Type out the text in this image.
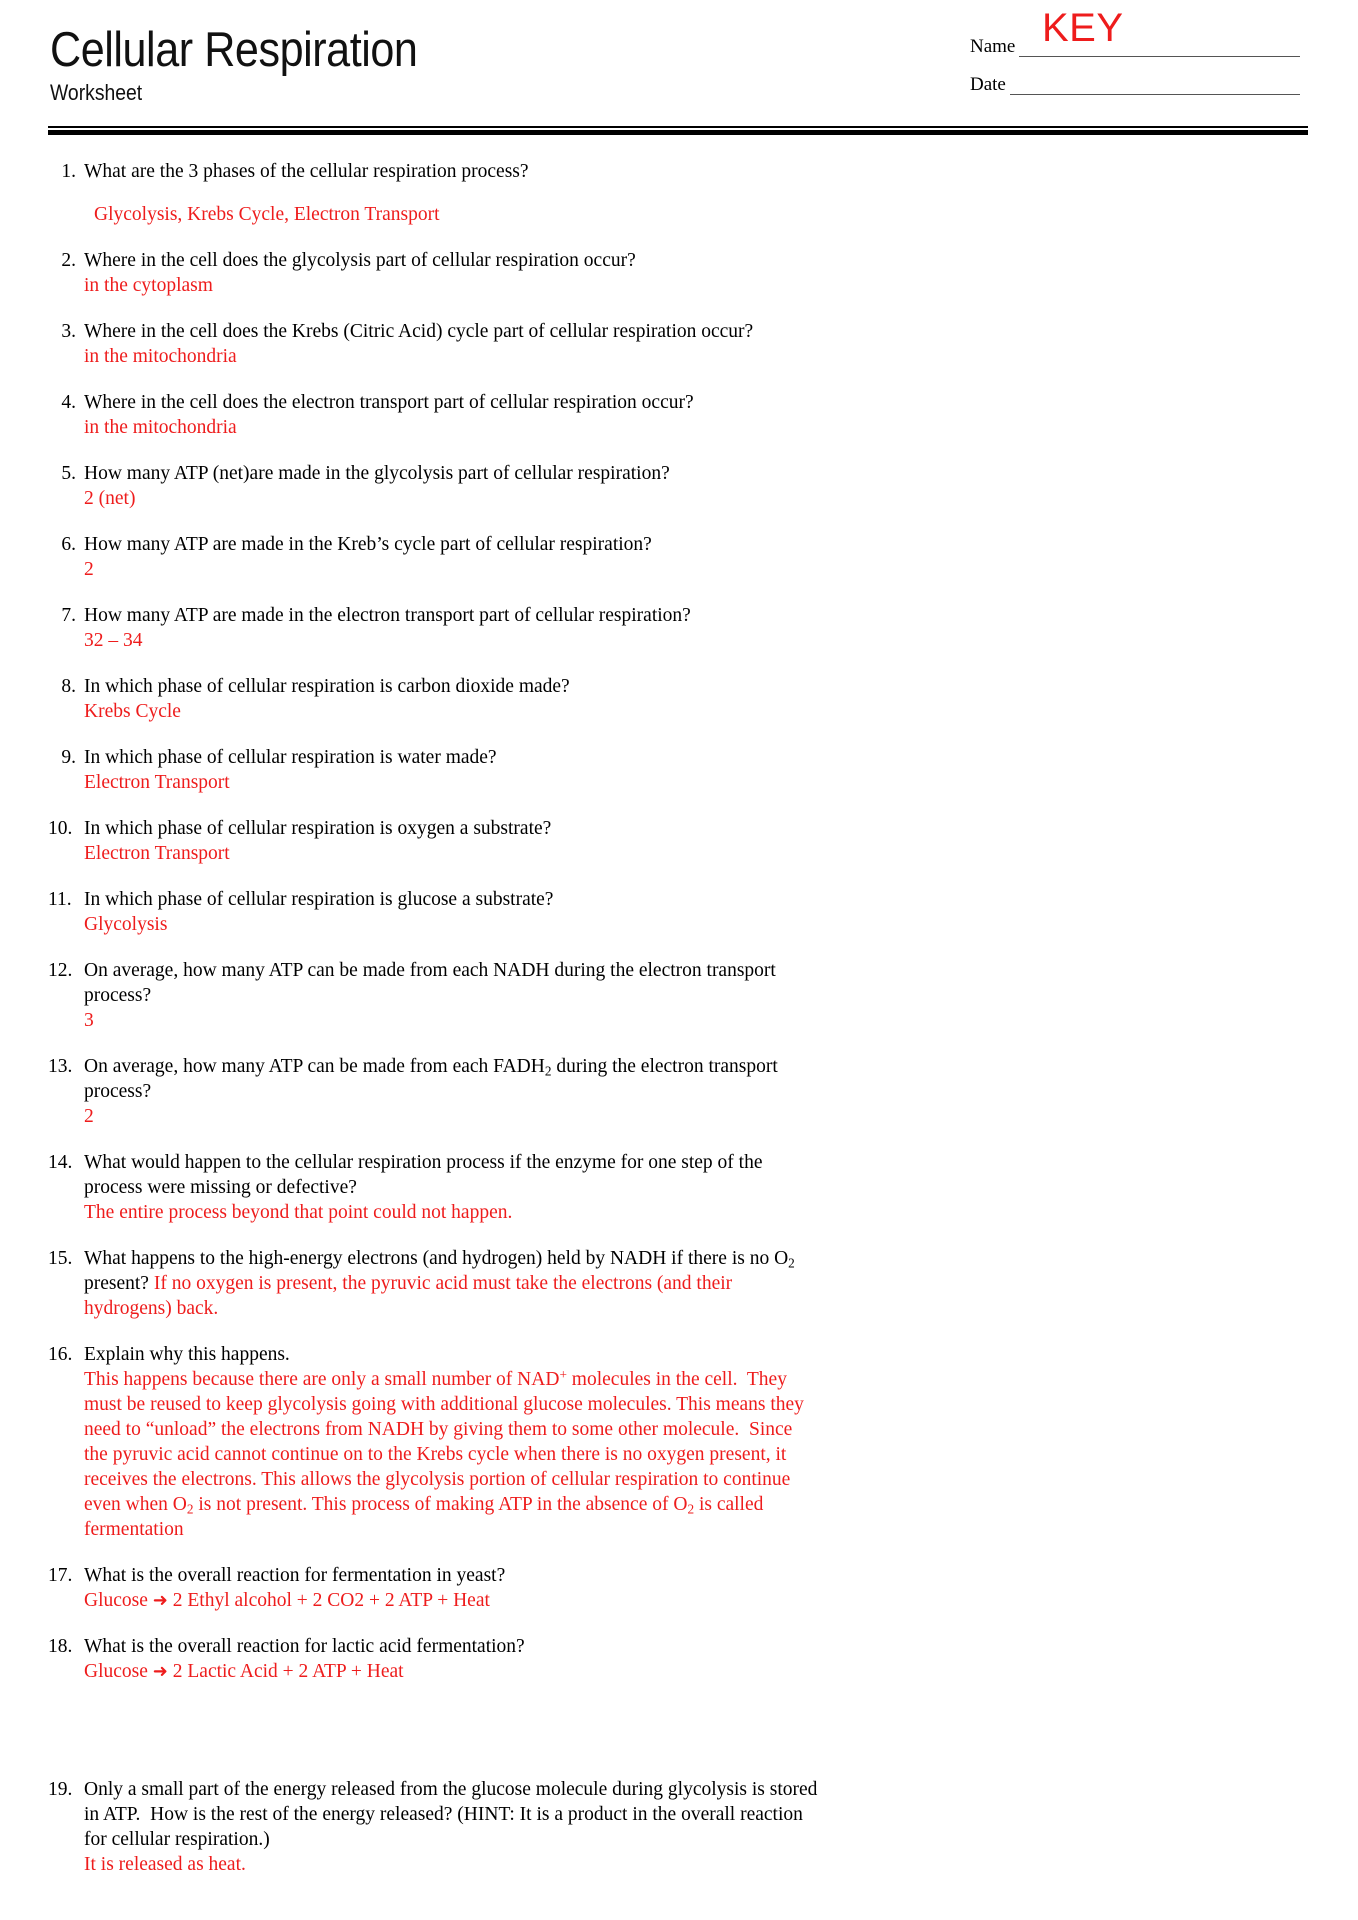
Cellular Respiration
Worksheet
Name KEY
Date
1. What are the 3 phases of the cellular respiration process?
Glycolysis, Krebs Cycle, Electron Transport
2. Where in the cell does the glycolysis part of cellular respiration occur?
in the cytoplasm
3. Where in the cell does the Krebs (Citric Acid) cycle part of cellular respiration occur?
in the mitochondria
4. Where in the cell does the electron transport part of cellular respiration occur?
in the mitochondria
5. How many ATP (net)are made in the glycolysis part of cellular respiration?
2 (net)
6. How many ATP are made in the Kreb’s cycle part of cellular respiration?
2
7. How many ATP are made in the electron transport part of cellular respiration?
32 – 34
8. In which phase of cellular respiration is carbon dioxide made?
Krebs Cycle
9. In which phase of cellular respiration is water made?
Electron Transport
10. In which phase of cellular respiration is oxygen a substrate?
Electron Transport
11. In which phase of cellular respiration is glucose a substrate?
Glycolysis
12. On average, how many ATP can be made from each NADH during the electron transport process?
3
13. On average, how many ATP can be made from each $FADH_2$ during the electron transport process?
2
14. What would happen to the cellular respiration process if the enzyme for one step of the process were missing or defective?
The entire process beyond that point could not happen.
15. What happens to the high-energy electrons (and hydrogen) held by NADH if there is no $O_2$ present? If no oxygen is present, the pyruvic acid must take the electrons (and their hydrogens) back.
16. Explain why this happens.
This happens because there are only a small number of NAD+ molecules in the cell.  They must be reused to keep glycolysis going with additional glucose molecules. This means they need to “unload” the electrons from NADH by giving them to some other molecule.  Since the pyruvic acid cannot continue on to the Krebs cycle when there is no oxygen present, it receives the electrons. This allows the glycolysis portion of cellular respiration to continue even when $O_2$ is not present. This process of making ATP in the absence of $O_2$ is called fermentation
17. What is the overall reaction for fermentation in yeast?
Glucose ➜ 2 Ethyl alcohol + 2 CO2 + 2 ATP + Heat
18. What is the overall reaction for lactic acid fermentation?
Glucose ➜ 2 Lactic Acid + 2 ATP + Heat
19. Only a small part of the energy released from the glucose molecule during glycolysis is stored in ATP.  How is the rest of the energy released? (HINT: It is a product in the overall reaction for cellular respiration.)
It is released as heat.
